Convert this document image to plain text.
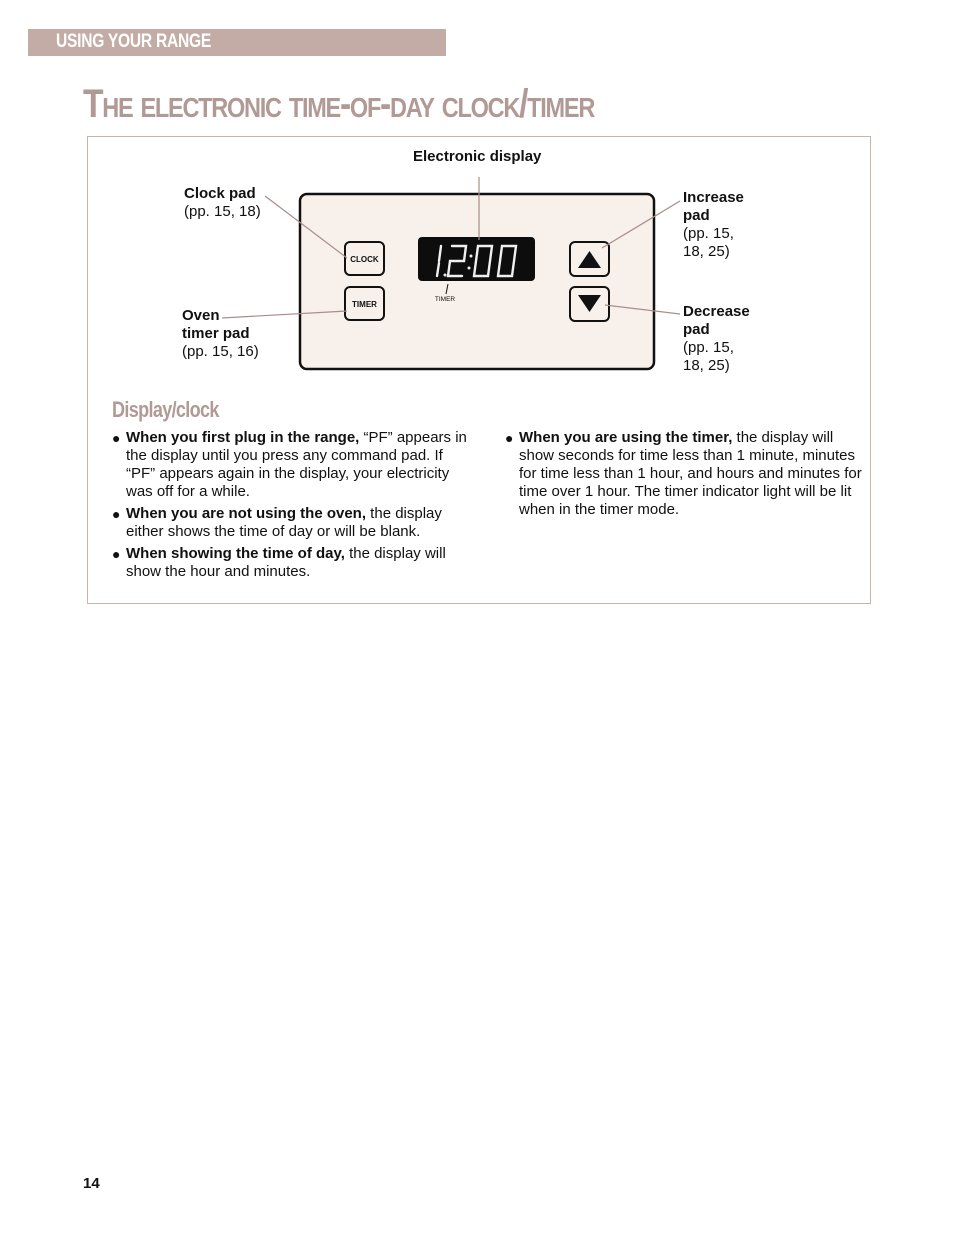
USING YOUR RANGE
The electronic time-of-day clock/timer
CLOCK
TIMER
TIMER
Electronic display
Clock pad
(pp. 15, 18)
Oven
timer pad
(pp. 15, 16)
Increase
pad
(pp. 15,
18, 25)
Decrease
pad
(pp. 15,
18, 25)
Display/clock
● When you first plug in the range, “PF” appears in the display until you press any command pad. If “PF” appears again in the display, your electricity was off for a while.
● When you are not using the oven, the display either shows the time of day or will be blank.
● When showing the time of day, the display will show the hour and minutes.
● When you are using the timer, the display will show seconds for time less than 1 minute, minutes for time less than 1 hour, and hours and minutes for time over 1 hour. The timer indicator light will be lit when in the timer mode.
14
